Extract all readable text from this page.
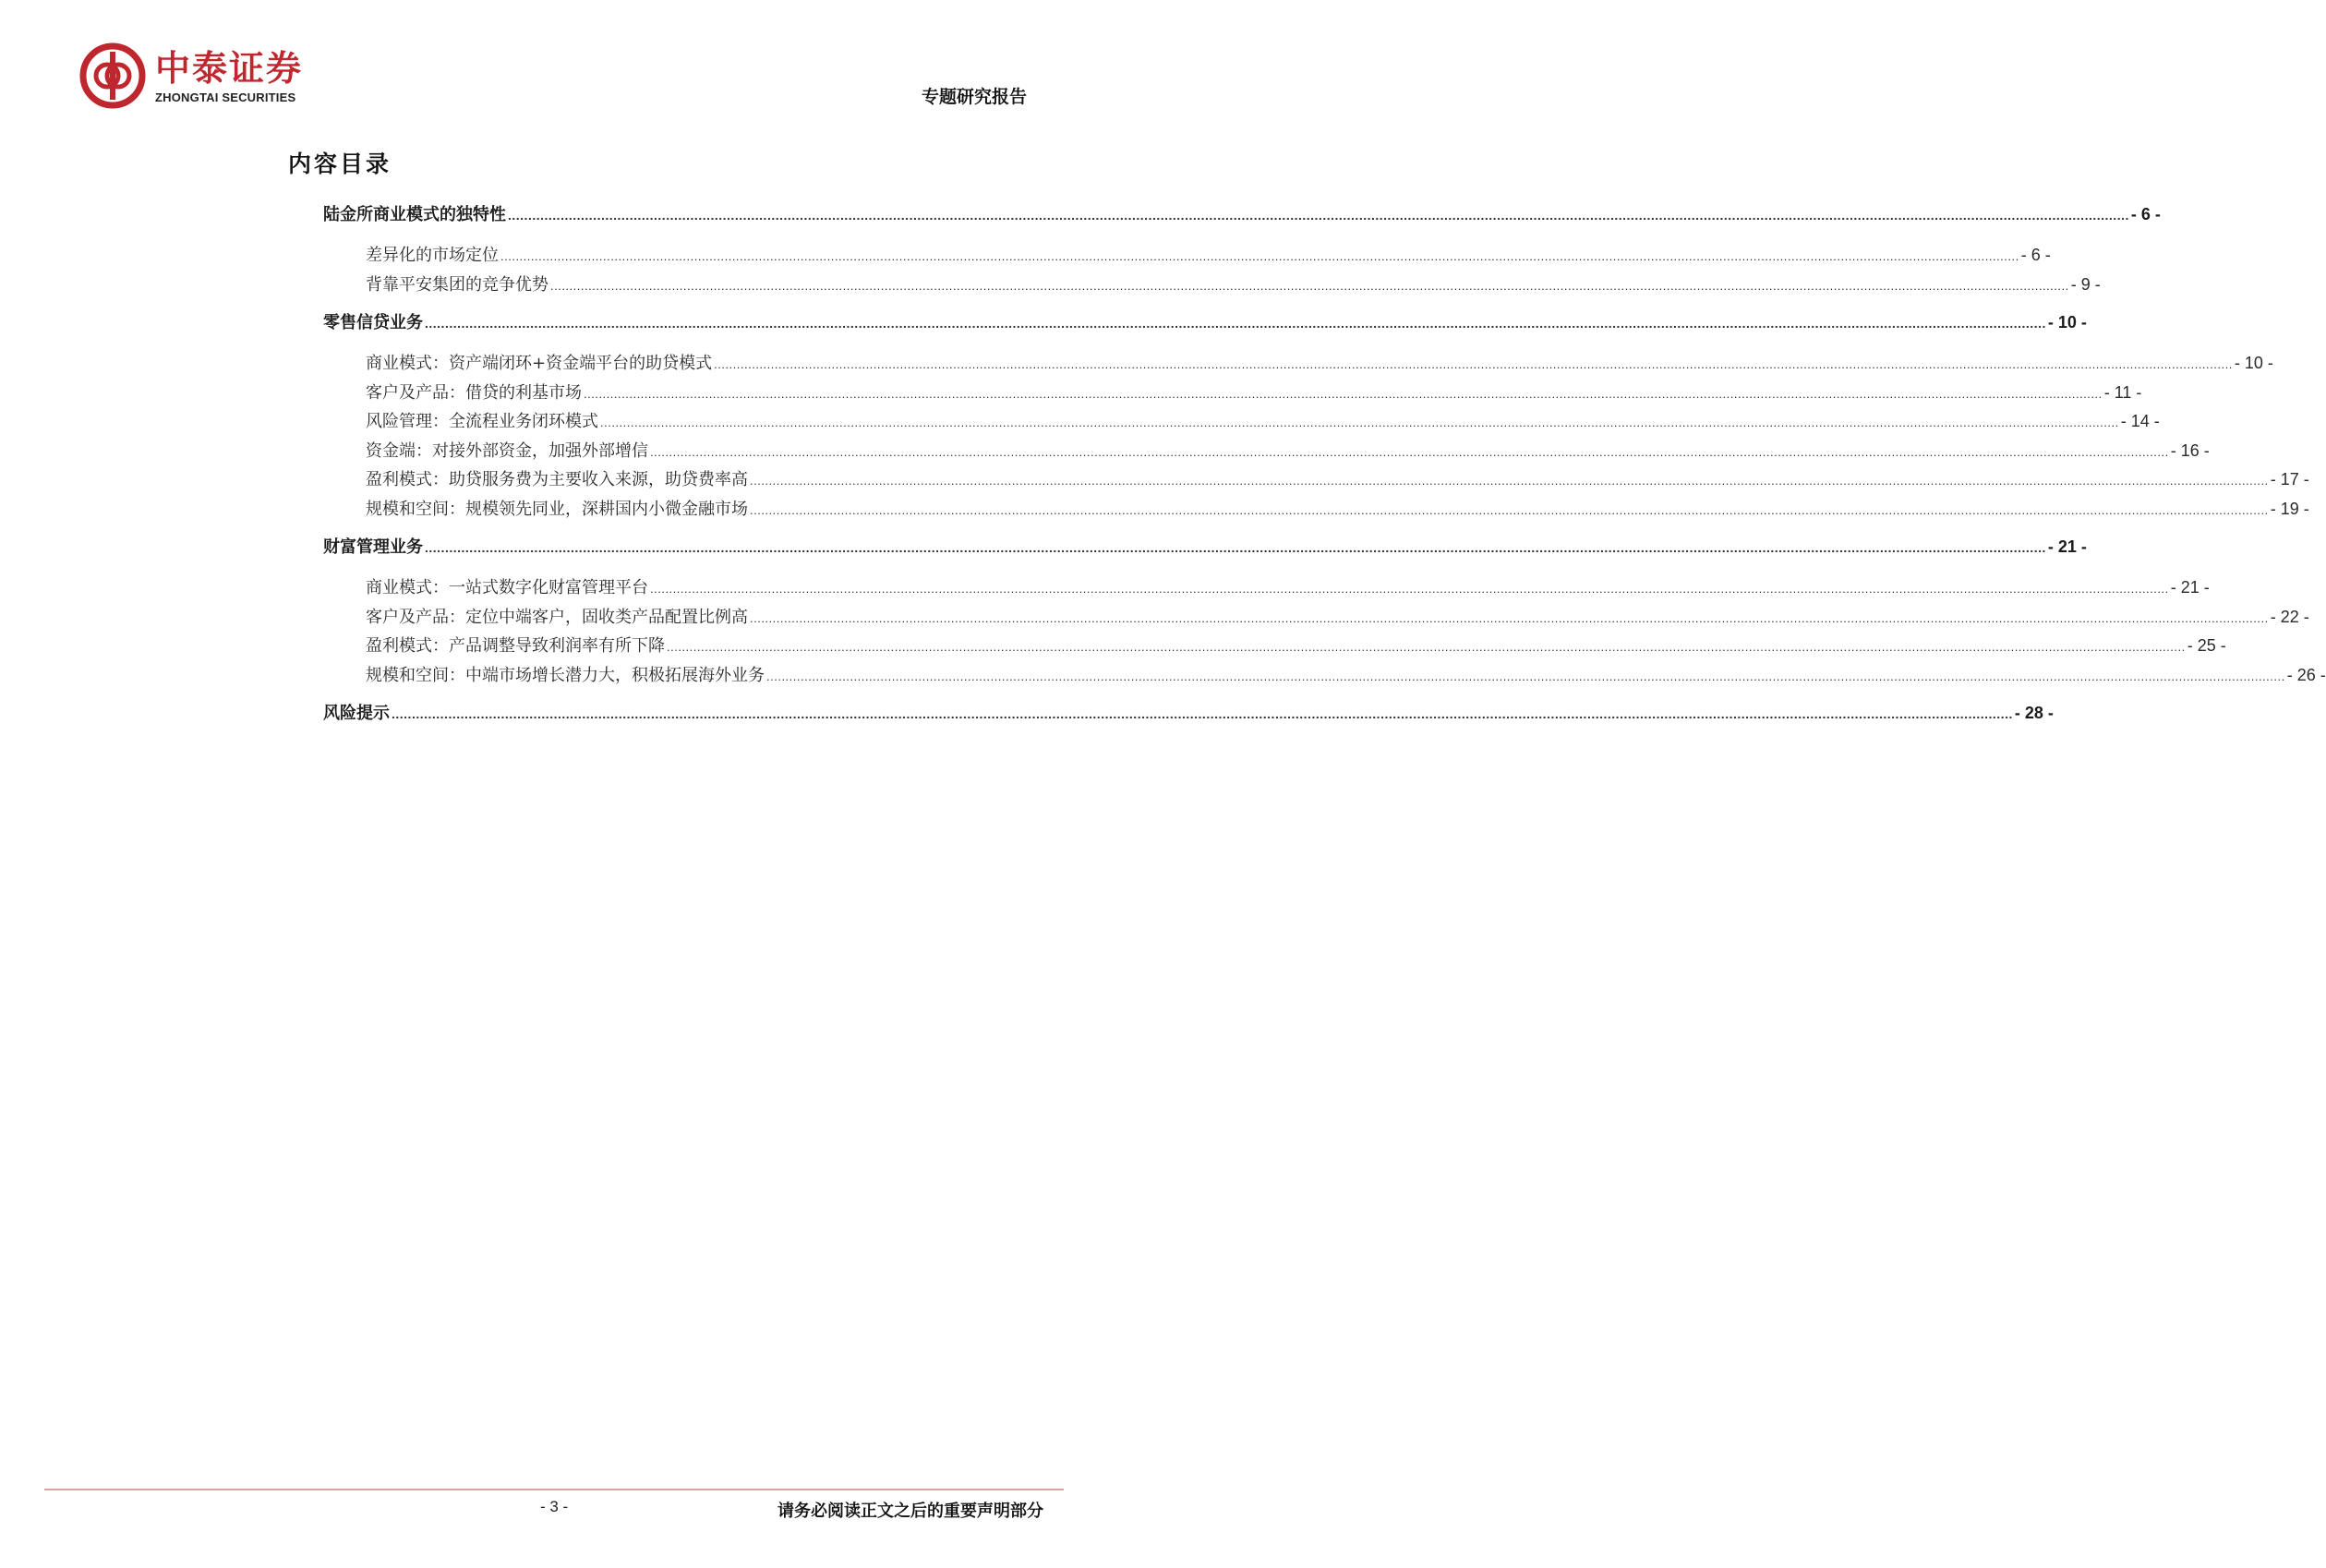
中泰证券
ZHONGTAI SECURITIES	专题研究报告
内容目录
陆金所商业模式的独特性 ................................................................................................................................................................................................................................................................................................................................................................................................................ - 6 -
差异化的市场定位 ................................................................................................................................................................................................................................................................................................................................................................................................................ - 6 -
背靠平安集团的竞争优势 ................................................................................................................................................................................................................................................................................................................................................................................................................ - 9 -
零售信贷业务 ................................................................................................................................................................................................................................................................................................................................................................................................................ - 10 -
商业模式：资产端闭环+资金端平台的助贷模式 ................................................................................................................................................................................................................................................................................................................................................................................................................ - 10 -
客户及产品：借贷的利基市场 ................................................................................................................................................................................................................................................................................................................................................................................................................ - 11 -
风险管理：全流程业务闭环模式 ................................................................................................................................................................................................................................................................................................................................................................................................................ - 14 -
资金端：对接外部资金，加强外部增信 ................................................................................................................................................................................................................................................................................................................................................................................................................ - 16 -
盈利模式：助贷服务费为主要收入来源，助贷费率高 ................................................................................................................................................................................................................................................................................................................................................................................................................ - 17 -
规模和空间：规模领先同业，深耕国内小微金融市场 ................................................................................................................................................................................................................................................................................................................................................................................................................ - 19 -
财富管理业务 ................................................................................................................................................................................................................................................................................................................................................................................................................ - 21 -
商业模式：一站式数字化财富管理平台 ................................................................................................................................................................................................................................................................................................................................................................................................................ - 21 -
客户及产品：定位中端客户，固收类产品配置比例高 ................................................................................................................................................................................................................................................................................................................................................................................................................ - 22 -
盈利模式：产品调整导致利润率有所下降 ................................................................................................................................................................................................................................................................................................................................................................................................................ - 25 -
规模和空间：中端市场增长潜力大，积极拓展海外业务 ................................................................................................................................................................................................................................................................................................................................................................................................................ - 26 -
风险提示 ................................................................................................................................................................................................................................................................................................................................................................................................................ - 28 -
- 3 -	请务必阅读正文之后的重要声明部分
